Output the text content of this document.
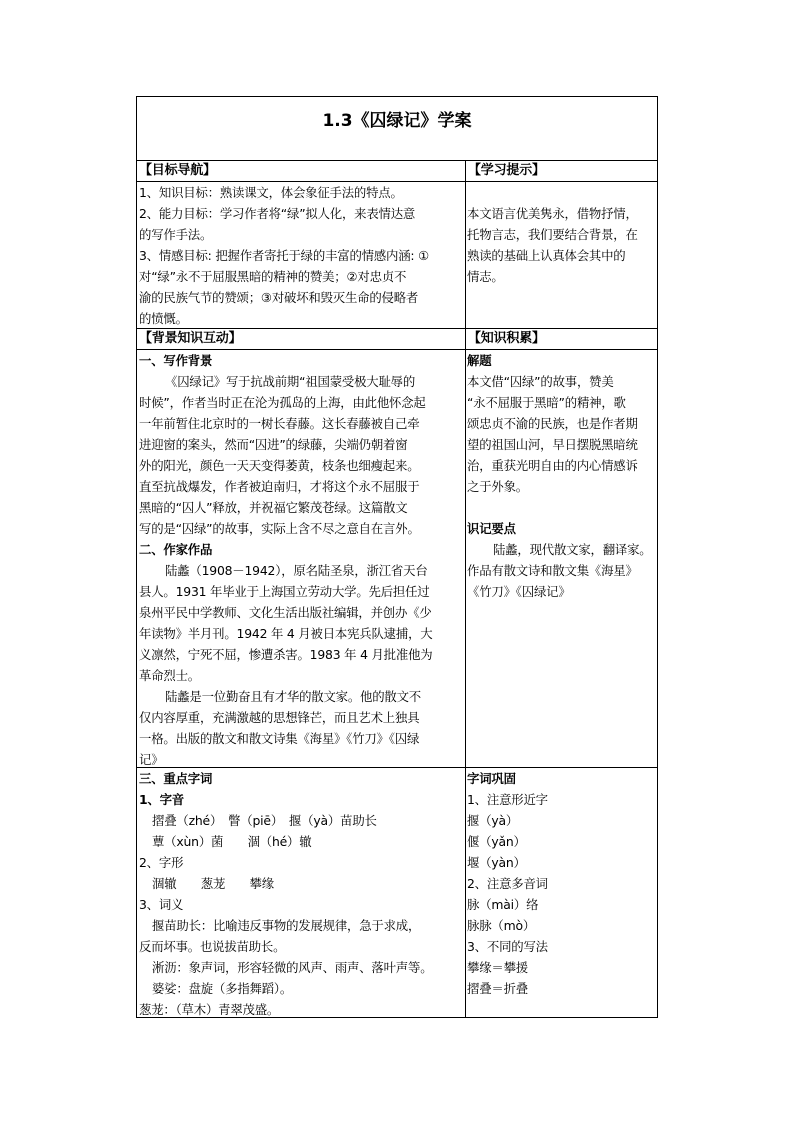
1.3《囚绿记》学案
【目标导航】	【学习提示】

1、知识目标：熟读课文，体会象征手法的特点。

2、能力目标：学习作者将“绿”拟人化，来表情达意

的写作手法。

3、情感目标: 把握作者寄托于绿的丰富的情感内涵: ①

对“绿”永不于屈服黑暗的精神的赞美；②对忠贞不

渝的民族气节的赞颂；③对破坏和毁灭生命的侵略者

的愤慨。

本文语言优美隽永，借物抒情，

托物言志，我们要结合背景，在

熟读的基础上认真体会其中的

情志。

【背景知识互动】	【知识积累】

一、写作背景

《囚绿记》写于抗战前期“祖国蒙受极大耻辱的

时候”，作者当时正在沦为孤岛的上海，由此他怀念起

一年前暂住北京时的一树长春藤。这长春藤被自己牵

进迎窗的案头，然而“囚进”的绿藤，尖端仍朝着窗

外的阳光，颜色一天天变得萎黄，枝条也细瘦起来。

直至抗战爆发，作者被迫南归，才将这个永不屈服于

黑暗的“囚人”释放，并祝福它繁茂苍绿。这篇散文

写的是“囚绿”的故事，实际上含不尽之意自在言外。

二、作家作品

陆蠡（1908－1942），原名陆圣泉，浙江省天台

县人。1931 年毕业于上海国立劳动大学。先后担任过

泉州平民中学教师、文化生活出版社编辑，并创办《少

年读物》半月刊。1942 年 4 月被日本宪兵队逮捕，大

义凛然，宁死不屈，惨遭杀害。1983 年 4 月批准他为

革命烈士。

陆蠡是一位勤奋且有才华的散文家。他的散文不

仅内容厚重，充满激越的思想锋芒，而且艺术上独具

一格。出版的散文和散文诗集《海星》《竹刀》《囚绿

记》

解题

本文借“囚绿”的故事，赞美

“永不屈服于黑暗”的精神，歌

颂忠贞不渝的民族，也是作者期

望的祖国山河，早日摆脱黑暗统

治，重获光明自由的内心情感诉

之于外象。

识记要点

陆蠡，现代散文家，翻译家。

作品有散文诗和散文集《海星》

《竹刀》《囚绿记》

三、重点字词

1、字音

摺叠（zhé）　瞥（piē）　揠（yà）苗助长

蕈（xùn）菌　　涸（hé）辙

2、字形

涸辙　　葱茏　　攀缘

3、词义

揠苗助长：比喻违反事物的发展规律，急于求成，

反而坏事。也说拔苗助长。

淅沥：象声词，形容轻微的风声、雨声、落叶声等。

婆娑：盘旋（多指舞蹈）。

葱茏：（草木）青翠茂盛。

字词巩固

1、注意形近字

揠（yà）

偃（yǎn）

堰（yàn）

2、注意多音词

脉（mài）络

脉脉（mò）

3、不同的写法

攀缘＝攀援

摺叠＝折叠
